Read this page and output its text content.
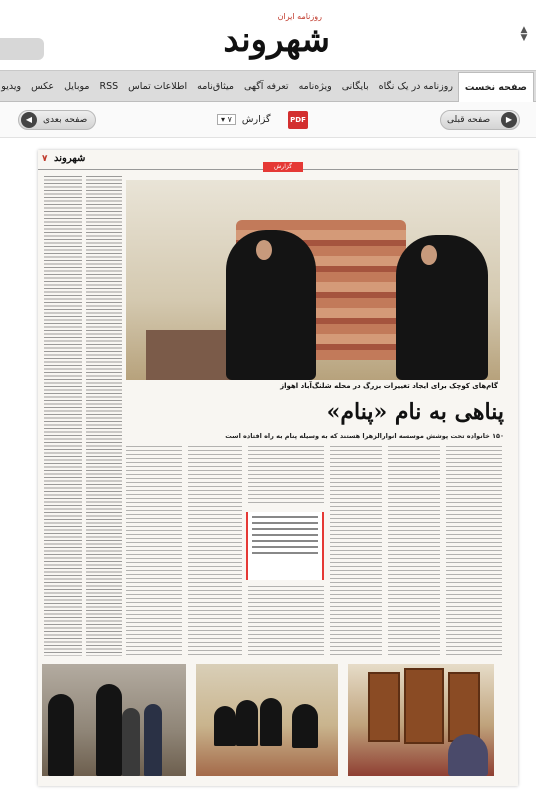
روزنامه ایران
شهروند	▲
▼
صفحه نخست
روزنامه در یک نگاه
بایگانی
ویژه‌نامه
تعرفه آگهی
میثاق‌نامه
اطلاعات تماس
RSS
موبایل
عکس
ویدیو
◀	صفحه بعدی	گزارش ۷ ▾	PDF	صفحه قبلی	▶
۷ شهروند
گزارش
گام‌های کوچک برای ایجاد تغییرات بزرگ در محله شلنگ‌آباد اهواز
پناهی به نام «پنام»
۱۵۰ خانواده تحت پوشش موسسه انوارالزهرا هستند که به وسیله پنام به راه افتاده است
